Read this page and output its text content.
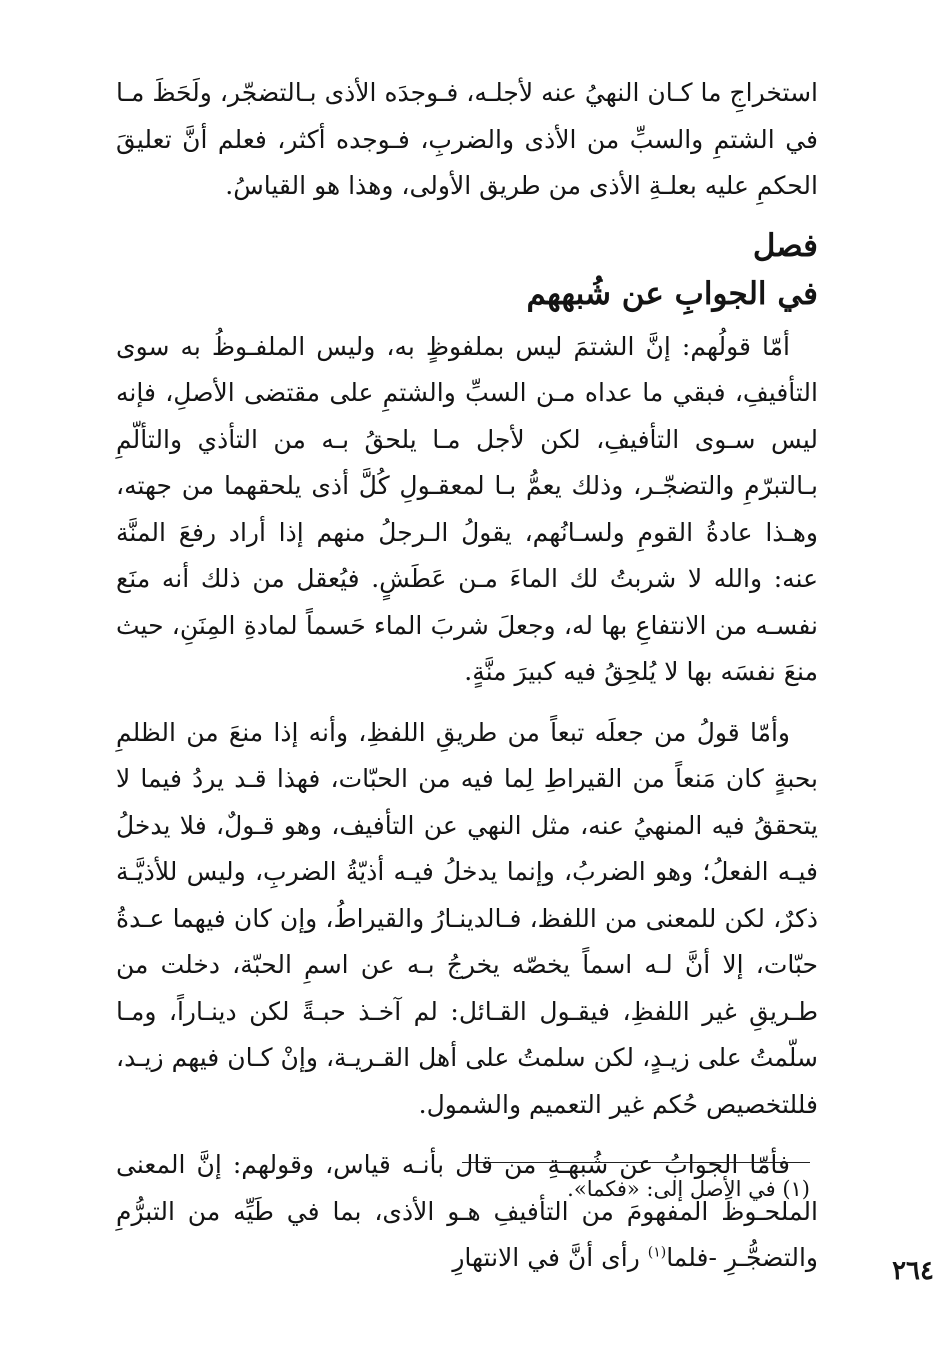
استخراجِ ما كـان النهيُ عنه لأجلـه، فـوجدَه الأذى بـالتضجّر، ولَحَظَ مـا في الشتمِ والسبِّ من الأذى والضربِ، فـوجده أكثر، فعلم أنَّ تعليقَ الحكمِ عليه بعلـةِ الأذى من طريق الأولى، وهذا هو القياسُ.

فصل
في الجوابِ عن شُبههم

أمّا قولُهم: إنَّ الشتمَ ليس بملفوظٍ به، وليس الملفـوظُ به سوى التأفيفِ، فبقي ما عداه مـن السبِّ والشتمِ على مقتضى الأصلِ، فإنه ليس سـوى التأفيفِ، لكن لأجل مـا يلحقُ بـه من التأذي والتألّمِ بـالتبرّمِ والتضجّـر، وذلك يعمُّ بـا لمعقـولِ كُلَّ أذى يلحقهما من جهته، وهـذا عادةُ القومِ ولسـانُهم، يقولُ الـرجلُ منهم إذا أراد رفعَ المنَّة عنه: والله لا شربتُ لك الماءَ مـن عَطَشٍ. فيُعقل من ذلك أنه منَع نفسـه من الانتفاعِ بها له، وجعلَ شربَ الماء حَسماً لمادةِ المِنَنِ، حيث منعَ نفسَه بها لا يُلحِقُ فيه كبيرَ منَّةٍ.

وأمّا قولُ من جعلَه تبعاً من طريقِ اللفظِ، وأنه إذا منعَ من الظلمِ بحبةٍ كان مَنعاً من القيراطِ لِما فيه من الحبّات، فهذا قـد يردُ فيما لا يتحققُ فيه المنهيُ عنه، مثل النهي عن التأفيف، وهو قـولٌ، فلا يدخلُ فيـه الفعلُ؛ وهو الضربُ، وإنما يدخلُ فيـه أذيّةُ الضربِ، وليس للأذيَّـة ذكرٌ، لكن للمعنى من اللفظ، فـالدينـارُ والقيراطُ، وإن كان فيهما عـدةُ حبّات، إلا أنَّ لـه اسماً يخصّه يخرجُ بـه عن اسمِ الحبّة، دخلت من طـريقِ غير اللفظِ، فيقـول القـائل: لم آخـذ حبـةً لكن دينـاراً، ومـا سلّمتُ على زيـدٍ، لكن سلمتُ على أهل القـريـة، وإنْ كـان فيهم زيـد، فللتخصيص حُكم غير التعميم والشمول.

فأمّا الجوابُ عن شُبهـةِ من قال بأنـه قياس، وقولهم: إنَّ المعنى الملحـوظَ المفهومَ من التأفيفِ هـو الأذى، بما في طَيِّه من التبرُّمِ والتضجُّـرِ -فلما$^{(١)}$ رأى أنَّ في الانتهارِ

(١) في الأصل إلى: «فكما».
٢٦٤
